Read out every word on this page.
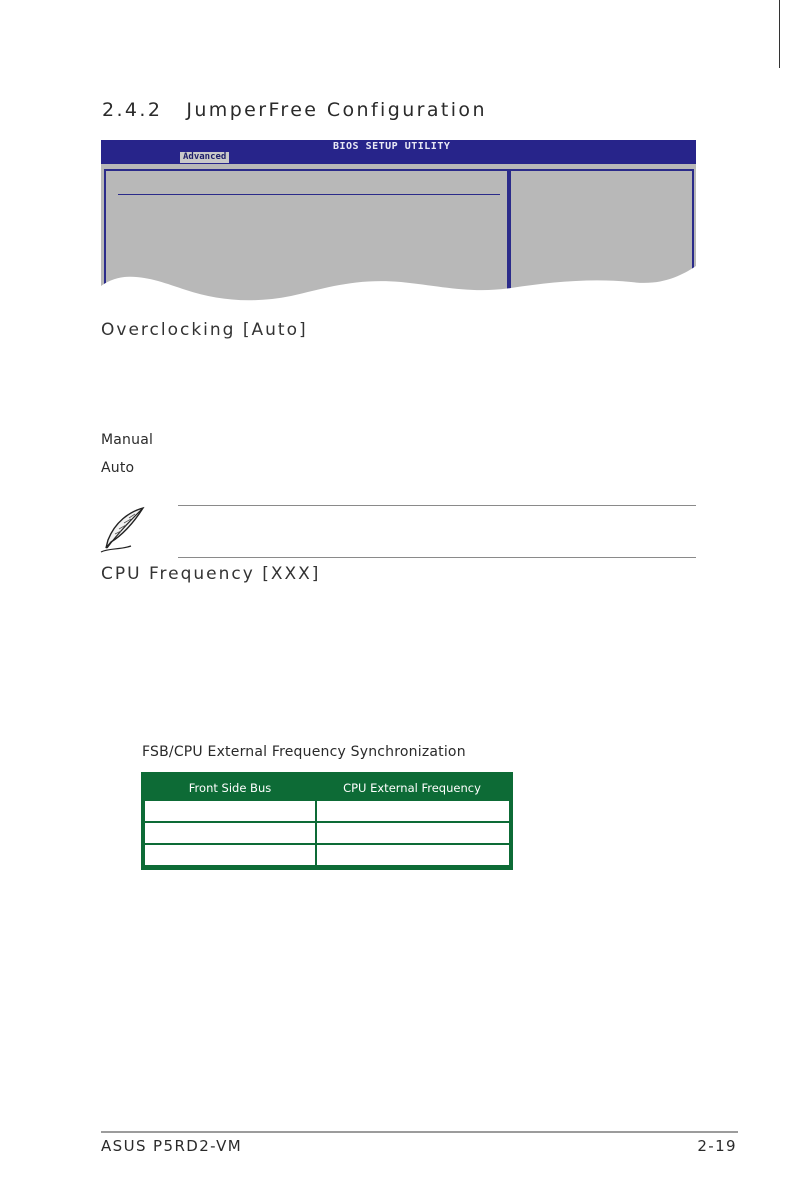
2.4.2 JumperFree Configuration
BIOS SETUP UTILITY
Advanced
Overclocking [Auto]
Manual
Auto
CPU Frequency [XXX]
FSB/CPU External Frequency Synchronization
Front Side Bus	CPU External Frequency
ASUS P5RD2-VM	2-19
